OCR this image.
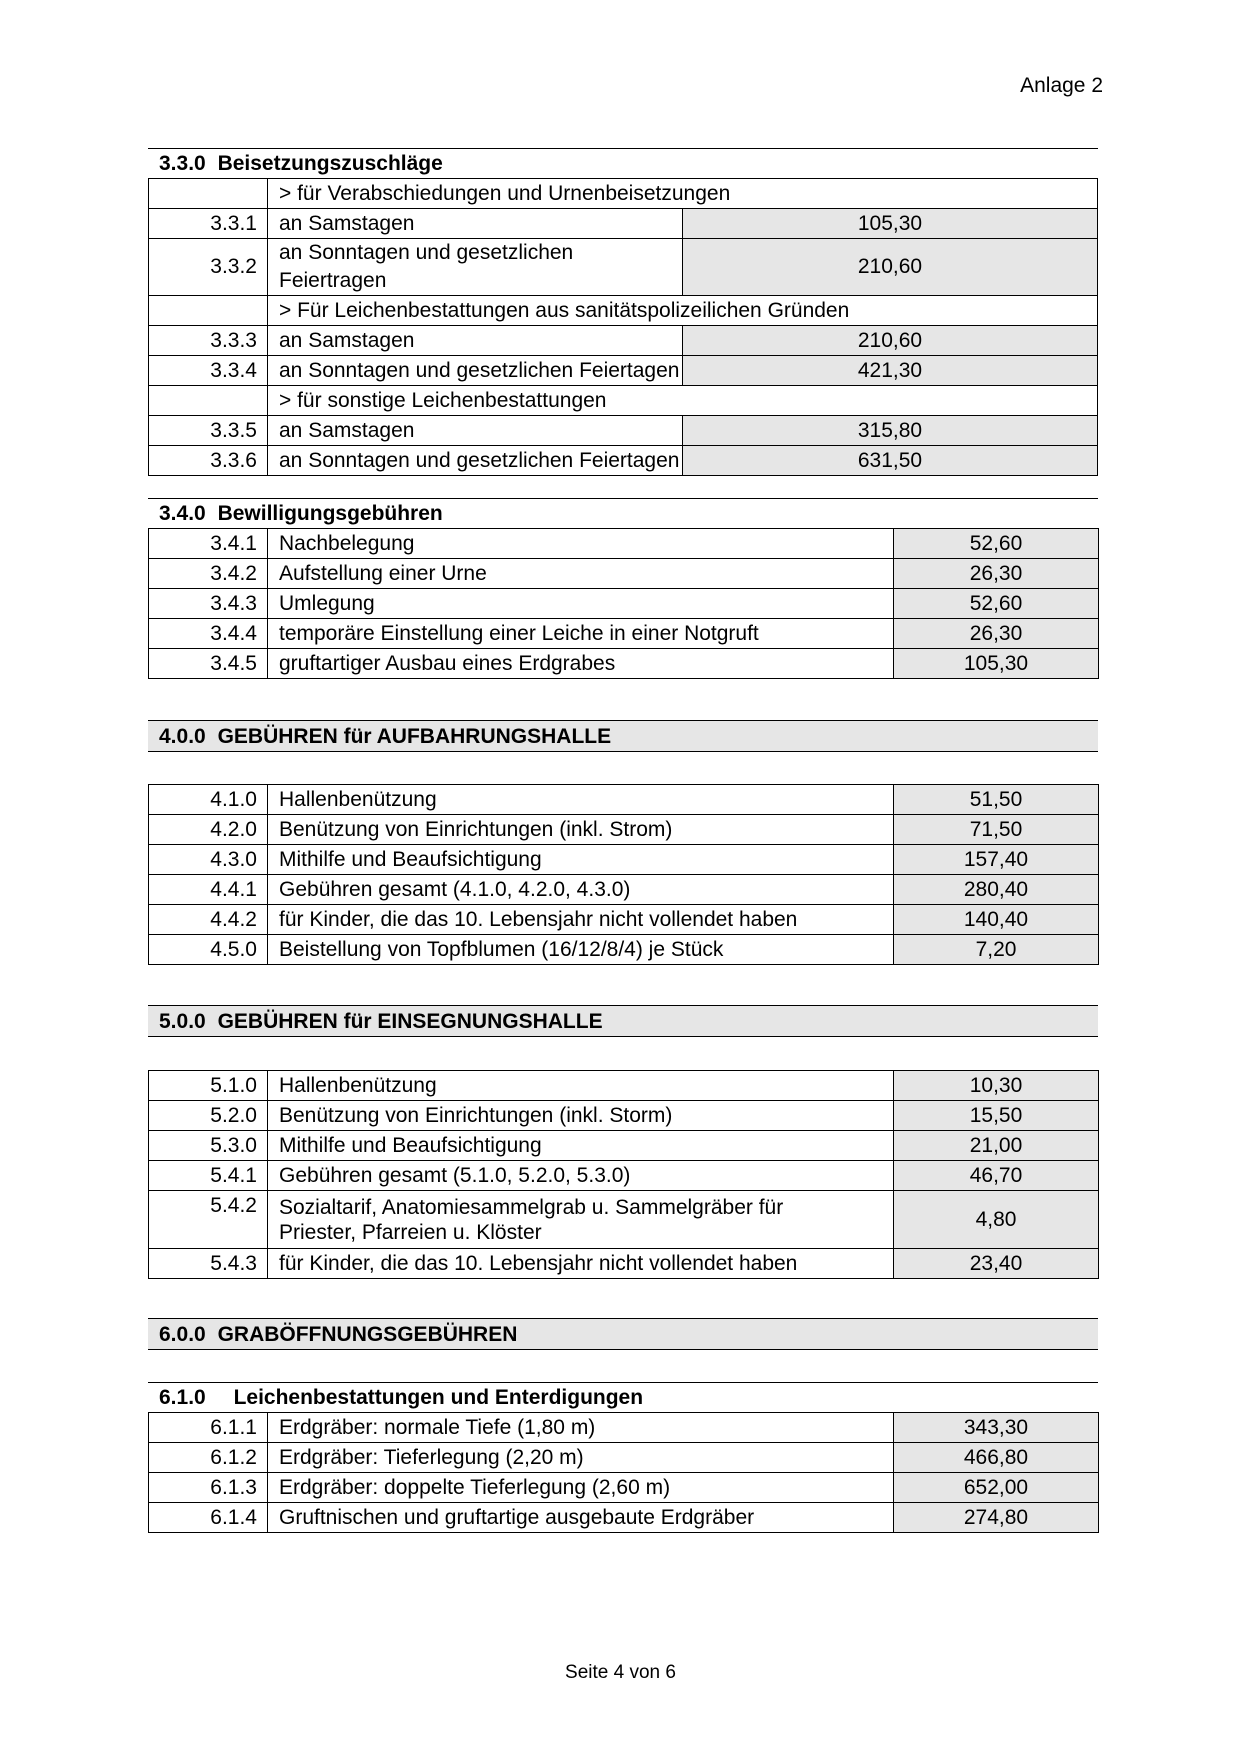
Anlage 2
3.3.0 Beisetzungszuschläge
	> für Verabschiedungen und Urnenbeisetzungen	
3.3.1	an Samstagen	105,30
3.3.2	an Sonntagen und gesetzlichen Feiertragen	210,60
	> Für Leichenbestattungen aus sanitätspolizeilichen Gründen	
3.3.3	an Samstagen	210,60
3.3.4	an Sonntagen und gesetzlichen Feiertagen	421,30
	> für sonstige Leichenbestattungen	
3.3.5	an Samstagen	315,80
3.3.6	an Sonntagen und gesetzlichen Feiertagen	631,50
3.4.0 Bewilligungsgebühren
3.4.1	Nachbelegung	52,60
3.4.2	Aufstellung einer Urne	26,30
3.4.3	Umlegung	52,60
3.4.4	temporäre Einstellung einer Leiche in einer Notgruft	26,30
3.4.5	gruftartiger Ausbau eines Erdgrabes	105,30
4.0.0 GEBÜHREN für AUFBAHRUNGSHALLE
4.1.0	Hallenbenützung	51,50
4.2.0	Benützung von Einrichtungen (inkl. Strom)	71,50
4.3.0	Mithilfe und Beaufsichtigung	157,40
4.4.1	Gebühren gesamt (4.1.0, 4.2.0, 4.3.0)	280,40
4.4.2	für Kinder, die das 10. Lebensjahr nicht vollendet haben	140,40
4.5.0	Beistellung von Topfblumen (16/12/8/4) je Stück	7,20
5.0.0 GEBÜHREN für EINSEGNUNGSHALLE
5.1.0	Hallenbenützung	10,30
5.2.0	Benützung von Einrichtungen (inkl. Storm)	15,50
5.3.0	Mithilfe und Beaufsichtigung	21,00
5.4.1	Gebühren gesamt (5.1.0, 5.2.0, 5.3.0)	46,70
5.4.2	Sozialtarif, Anatomiesammelgrab u. Sammelgräber für
Priester, Pfarreien u. Klöster	4,80
5.4.3	für Kinder, die das 10. Lebensjahr nicht vollendet haben	23,40
6.0.0 GRABÖFFNUNGSGEBÜHREN
6.1.0 Leichenbestattungen und Enterdigungen
6.1.1	Erdgräber: normale Tiefe (1,80 m)	343,30
6.1.2	Erdgräber: Tieferlegung (2,20 m)	466,80
6.1.3	Erdgräber: doppelte Tieferlegung (2,60 m)	652,00
6.1.4	Gruftnischen und gruftartige ausgebaute Erdgräber	274,80
Seite 4 von 6
